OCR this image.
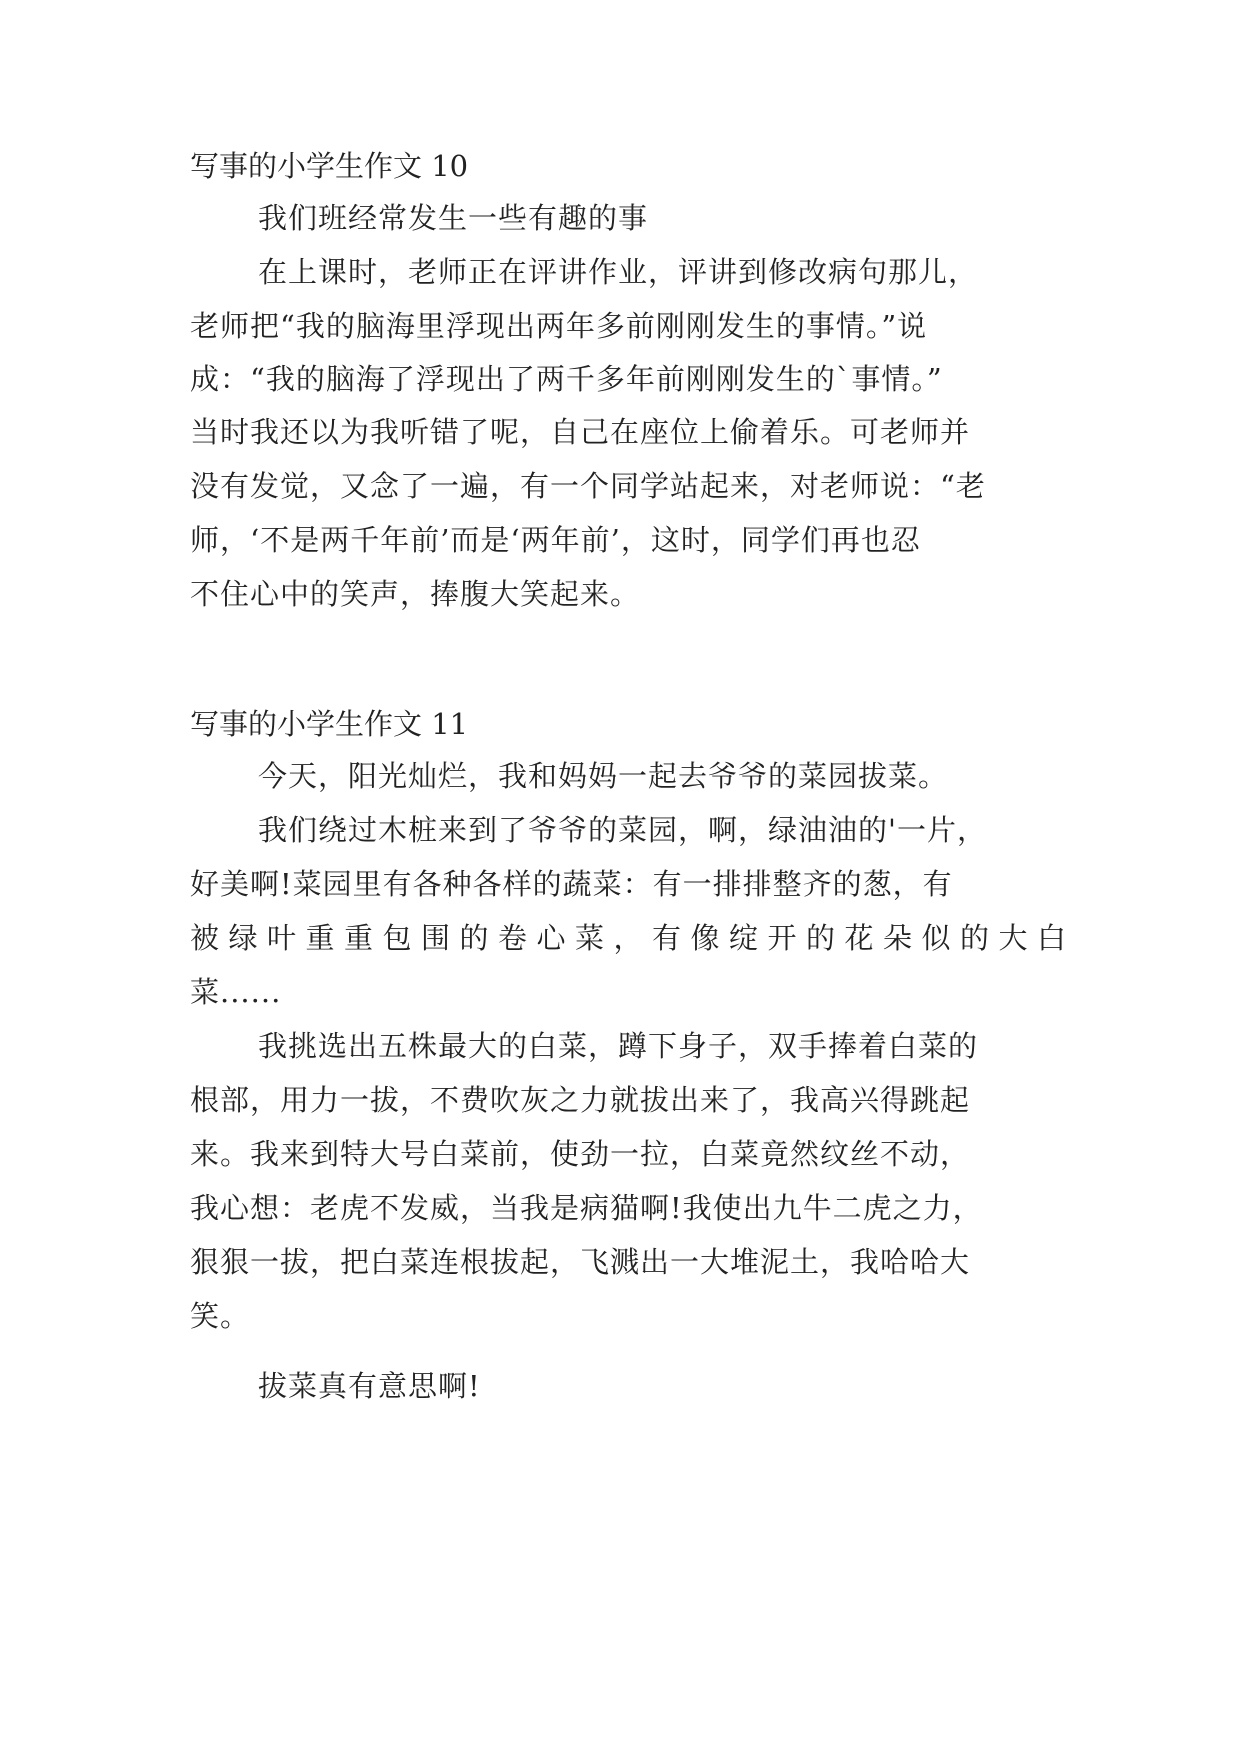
写事的小学生作文 10
我们班经常发生一些有趣的事
在上课时，老师正在评讲作业，评讲到修改病句那儿，
老师把“我的脑海里浮现出两年多前刚刚发生的事情。”说
成：“我的脑海了浮现出了两千多年前刚刚发生的`事情。”
当时我还以为我听错了呢，自己在座位上偷着乐。可老师并
没有发觉，又念了一遍，有一个同学站起来，对老师说：“老
师，‘不是两千年前’而是‘两年前’，这时，同学们再也忍
不住心中的笑声，捧腹大笑起来。
写事的小学生作文 11
今天，阳光灿烂，我和妈妈一起去爷爷的菜园拔菜。
我们绕过木桩来到了爷爷的菜园，啊，绿油油的'一片，
好美啊!菜园里有各种各样的蔬菜：有一排排整齐的葱，有
被绿叶重重包围的卷心菜，有像绽开的花朵似的大白
菜......
我挑选出五株最大的白菜，蹲下身子，双手捧着白菜的
根部，用力一拔，不费吹灰之力就拔出来了，我高兴得跳起
来。我来到特大号白菜前，使劲一拉，白菜竟然纹丝不动，
我心想：老虎不发威，当我是病猫啊!我使出九牛二虎之力，
狠狠一拔，把白菜连根拔起，飞溅出一大堆泥土，我哈哈大
笑。
拔菜真有意思啊!
